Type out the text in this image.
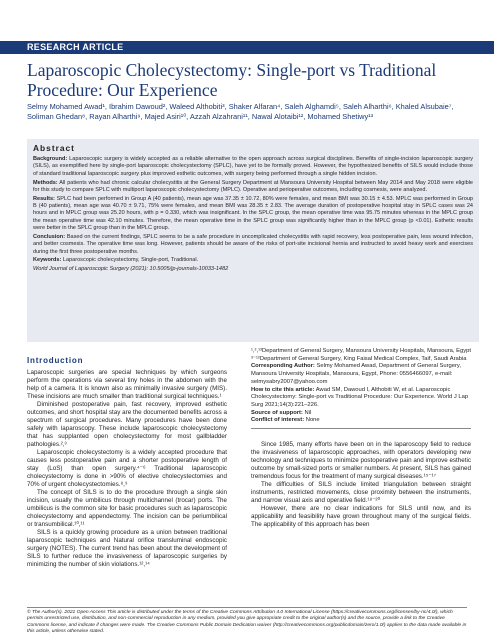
RESEARCH ARTICLE
Laparoscopic Cholecystectomy: Single-port vs Traditional Procedure: Our Experience
Selmy Mohamed Awad¹, Ibrahim Dawoud², Waleed Althobiti³, Shaker Alfaran⁴, Saleh Alghamdi⁵, Saleh Alharthi⁶, Khaled Alsubaie⁷, Soliman Ghedan⁸, Rayan Alharthi⁹, Majed Asiri¹⁰, Azzah Alzahrani¹¹, Nawal Alotaibi¹², Mohamed Shetiwy¹³
Abstract

Background: Laparoscopic surgery is widely accepted as a reliable alternative to the open approach across surgical disciplines. Benefits of single-incision laparoscopic surgery (SILS), as exemplified here by single-port laparoscopic cholecystectomy (SPLC), have yet to be formally proved. However, the hypothesized benefits of SILS would include those of standard traditional laparoscopic surgery plus improved esthetic outcomes, with surgery being performed through a single hidden incision.

Methods: All patients who had chronic calcular cholecystitis at the General Surgery Department at Mansoura University Hospital between May 2014 and May 2018 were eligible for this study to compare SPLC with multiport laparoscopic cholecystectomy (MPLC). Operative and perioperative outcomes, including cosmesis, were analyzed.

Results: SPLC had been performed in Group A (40 patients), mean age was 37.35 ± 10.72, 80% were females, and mean BMI was 30.15 ± 4.53. MPLC was performed in Group B (40 patients), mean age was 40.70 ± 9.71, 75% were females, and mean BMI was 28.35 ± 2.83. The average duration of postoperative hospital stay in SPLC cases was 24 hours and in MPLC group was 25.20 hours, with p = 0.330, which was insignificant. In the SPLC group, the mean operative time was 95.75 minutes whereas in the MPLC group the mean operative time was 42.10 minutes. Therefore, the mean operative time in the SPLC group was significantly higher than in the MPLC group (p <0.01). Esthetic results were better in the SPLC group than in the MPLC group.

Conclusion: Based on the current findings, SPLC seems to be a safe procedure in uncomplicated cholecystitis with rapid recovery, less postoperative pain, less wound infection, and better cosmesis. The operative time was long. However, patients should be aware of the risks of port-site incisional hernia and instructed to avoid heavy work and exercises during the first three postoperative months.

Keywords: Laparoscopic cholecystectomy, Single-port, Traditional.

World Journal of Laparoscopic Surgery (2021): 10.5005/jp-journals-10033-1482

Introduction

Laparoscopic surgeries are special techniques by which surgeons perform the operations via several tiny holes in the abdomen with the help of a camera. It is known also as minimally invasive surgery (MIS). These incisions are much smaller than traditional surgical techniques.¹

Diminished postoperative pain, fast recovery, improved esthetic outcomes, and short hospital stay are the documented benefits across a spectrum of surgical procedures. Many procedures have been done safely with laparoscopy. These include laparoscopic cholecystectomy that has supplanted open cholecystectomy for most gallbladder pathologies.²,³

Laparoscopic cholecystectomy is a widely accepted procedure that causes less postoperative pain and a shorter postoperative length of stay (LoS) than open surgery.⁴⁻⁶ Traditional laparoscopic cholecystectomy is done in >90% of elective cholecystectomies and 70% of urgent cholecystectomies.⁸,⁹

The concept of SILS is to do the procedure through a single skin incision, usually the umbilicus through multichannel (trocar) ports. The umbilicus is the common site for basic procedures such as laparoscopic cholecystectomy and appendectomy. The incision can be periumbilical or transumbilical.¹⁰,¹¹

SILS is a quickly growing procedure as a union between traditional laparoscopic techniques and Natural orifice transluminal endoscopic surgery (NOTES). The current trend has been about the development of SILS to further reduce the invasiveness of laparoscopic surgeries by minimizing the number of skin violations.¹²,¹⁴

¹,²,¹³Department of General Surgery, Mansoura University Hospitals, Mansoura, Egypt

³⁻¹²Department of General Surgery, King Faisal Medical Complex, Taif, Saudi Arabia

Corresponding Author: Selmy Mohamed Awad, Department of General Surgery, Mansoura University Hospitals, Mansoura, Egypt, Phone: 0556466097, e-mail: selmysabry2007@yahoo.com

How to cite this article: Awad SM, Dawoud I, Althobiti W, et al. Laparoscopic Cholecystectomy: Single-port vs Traditional Procedure: Our Experience. World J Lap Surg 2021;14(3):221–226.

Source of support: Nil

Conflict of interest: None

Since 1985, many efforts have been on in the laparoscopy field to reduce the invasiveness of laparoscopic approaches, with operators developing new technology and techniques to minimize postoperative pain and improve esthetic outcome by small-sized ports or smaller numbers. At present, SILS has gained tremendous focus for the treatment of many surgical diseases.¹⁵⁻¹⁷

The difficulties of SILS include limited triangulation between straight instruments, restricted movements, close proximity between the instruments, and narrow visual axis and operative field.¹⁸⁻²⁰

However, there are no clear indications for SILS until now, and its applicability and feasibility have grown throughout many of the surgical fields. The applicability of this approach has been

© The Author(s). 2021 Open Access This article is distributed under the terms of the Creative Commons Attribution 4.0 International License (https://creativecommons.org/licenses/by-nc/4.0/), which permits unrestricted use, distribution, and non-commercial reproduction in any medium, provided you give appropriate credit to the original author(s) and the source, provide a link to the Creative Commons license, and indicate if changes were made. The Creative Commons Public Domain Dedication waiver (http://creativecommons.org/publicdomain/zero/1.0/) applies to the data made available in this article, unless otherwise stated.
